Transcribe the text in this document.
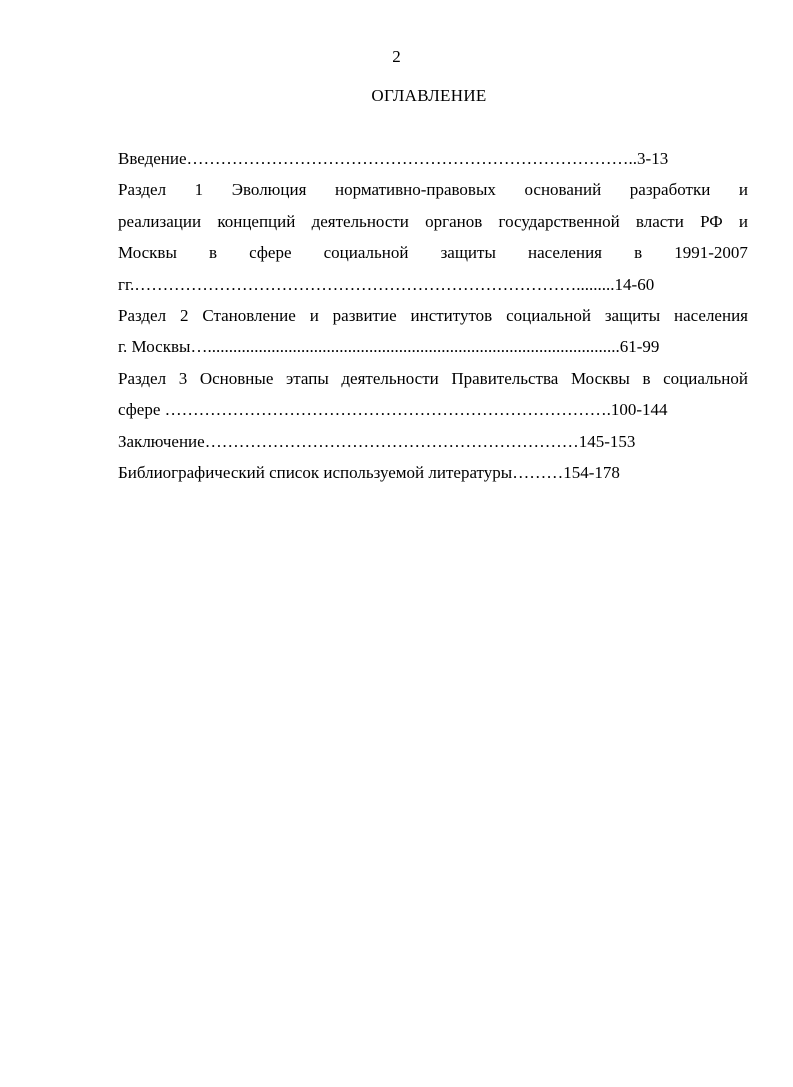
2
ОГЛАВЛЕНИЕ
Введение……………………………………………………………………..3-13
Раздел 1 Эволюция нормативно-правовых оснований разработки и
реализации концепций деятельности органов государственной власти РФ и
Москвы в сфере социальной защиты населения в 1991-2007
гг.…………………………………………………………………….........14-60
Раздел 2 Становление и развитие институтов социальной защиты населения
г. Москвы….................................................................................................61-99
Раздел 3 Основные этапы деятельности Правительства Москвы в социальной
сфере …………………………………………………………………….100-144
Заключение…………………………………………………………145-153
Библиографический список используемой литературы………154-178
